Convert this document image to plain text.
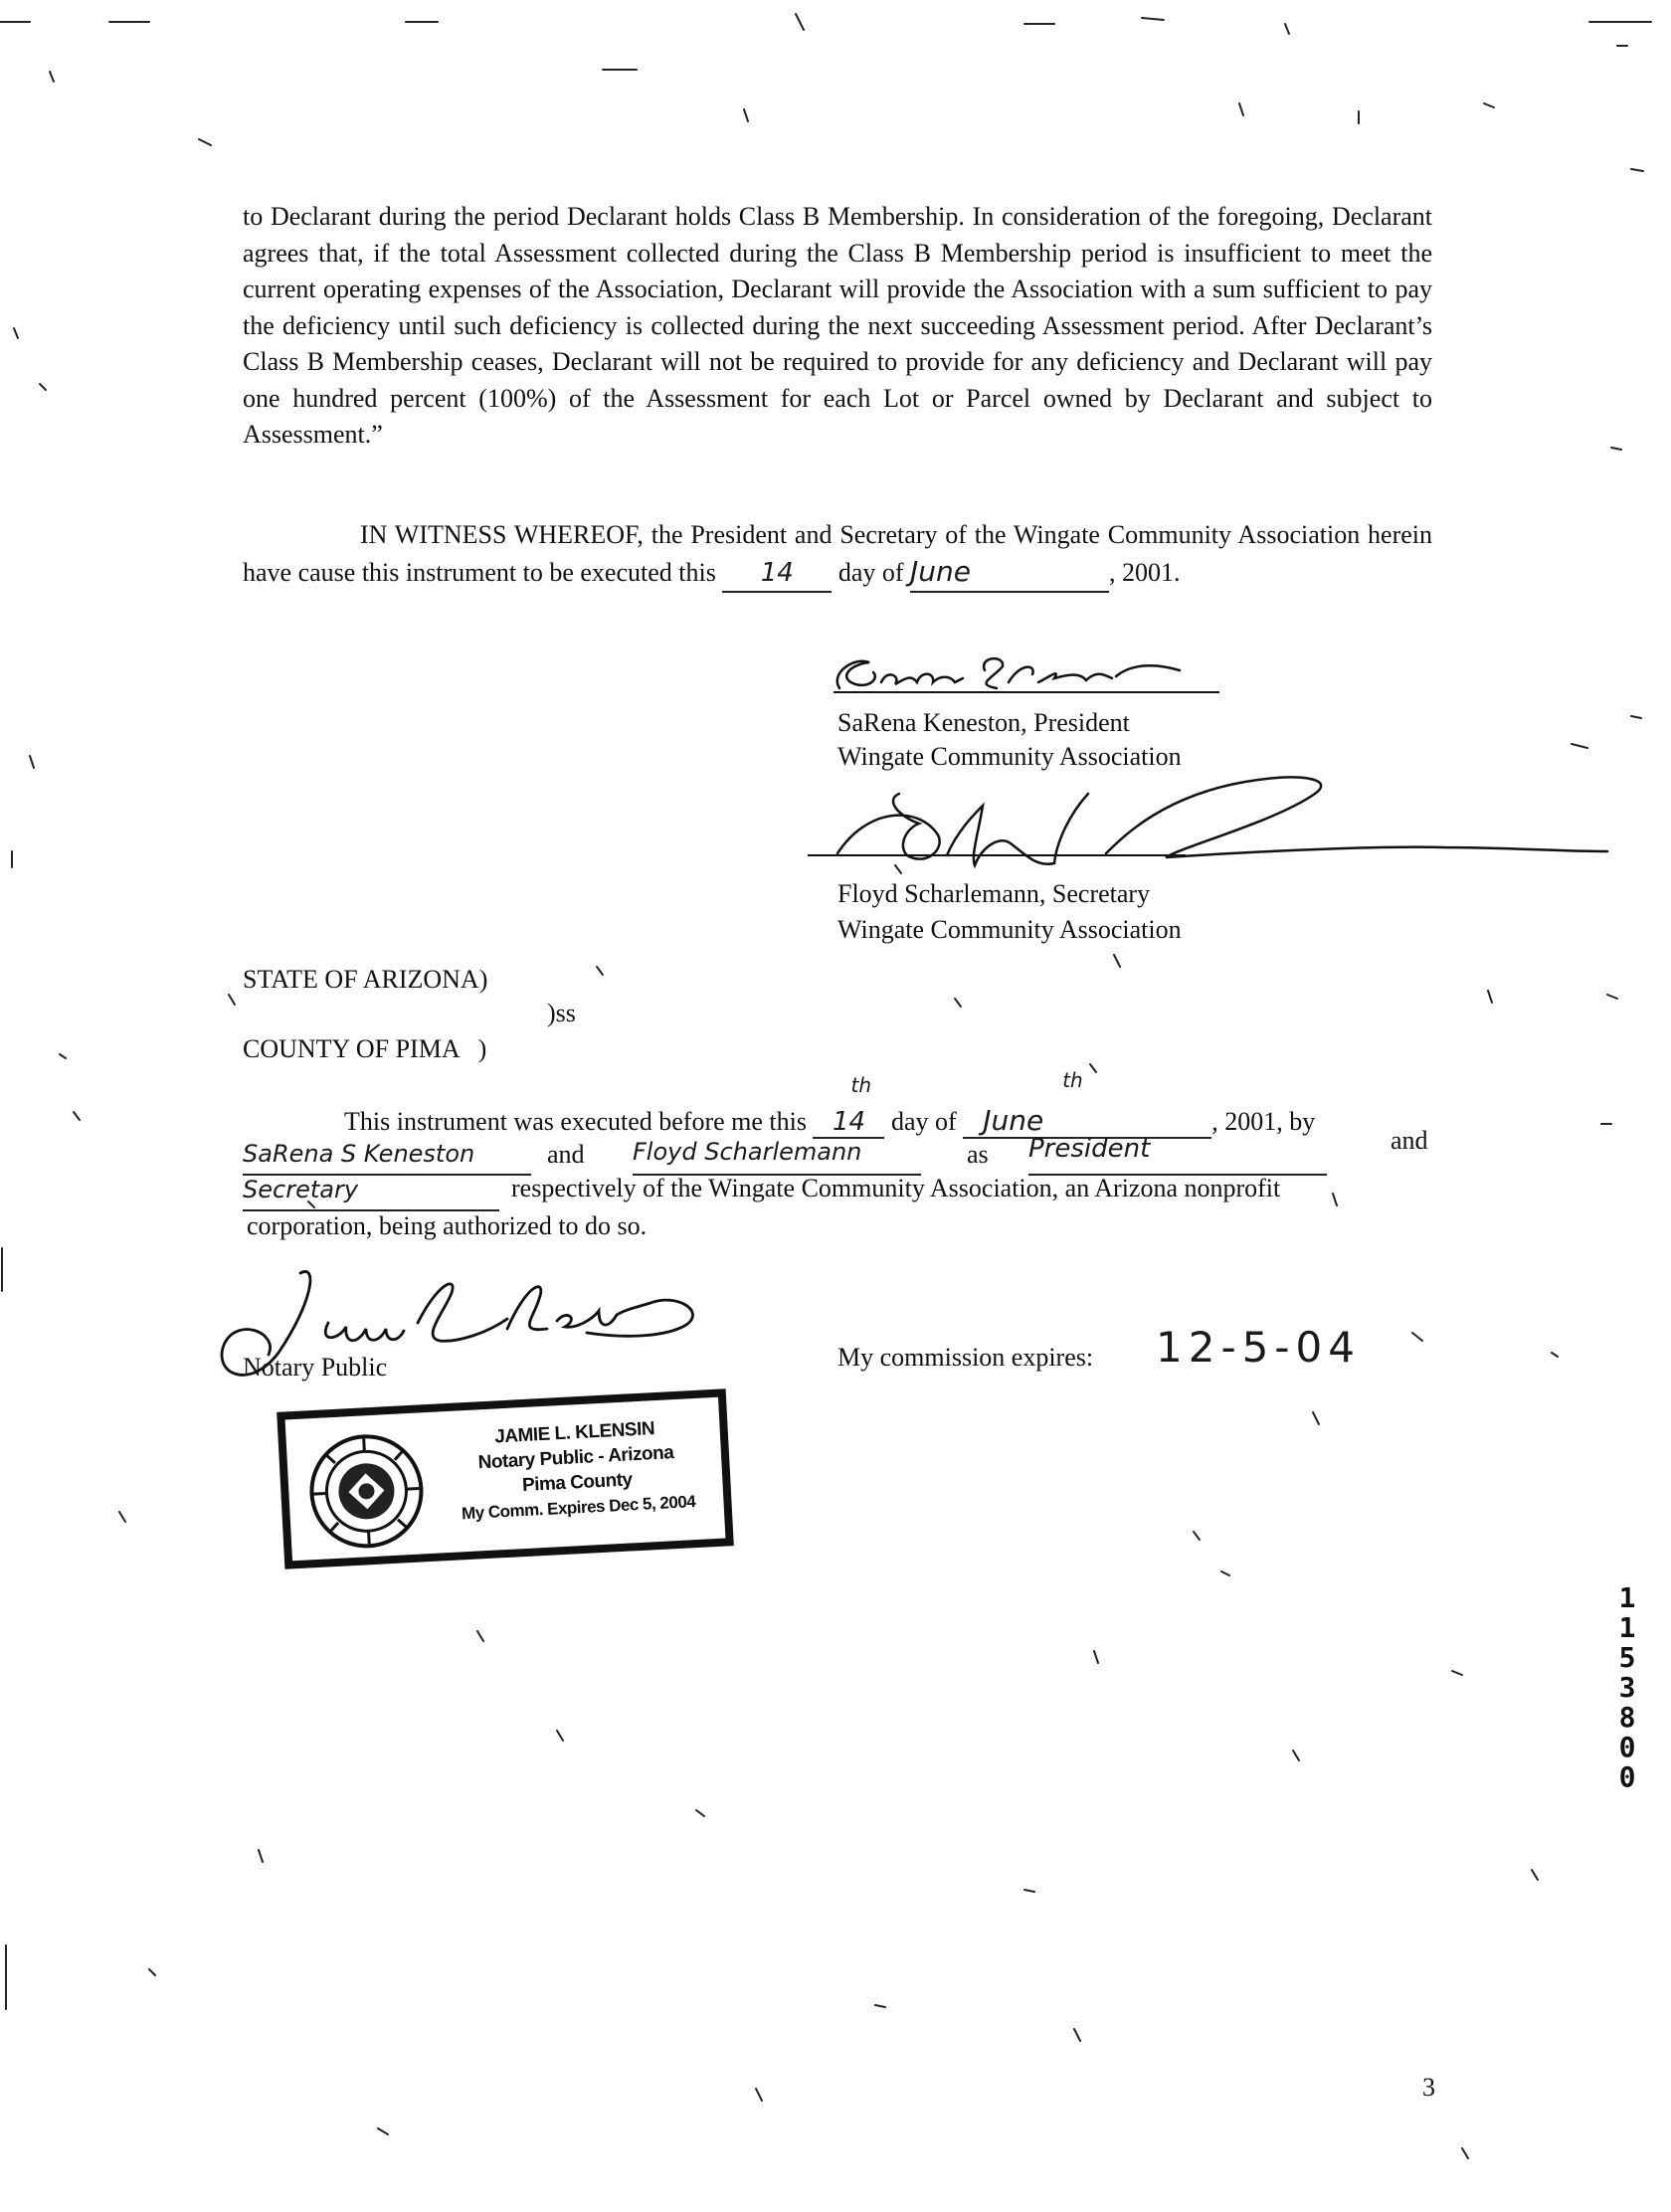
to Declarant during the period Declarant holds Class B Membership. In consideration of the foregoing, Declarant agrees that, if the total Assessment collected during the Class B Membership period is insufficient to meet the current operating expenses of the Association, Declarant will provide the Association with a sum sufficient to pay the deficiency until such deficiency is collected during the next succeeding Assessment period. After Declarant’s Class B Membership ceases, Declarant will not be required to provide for any deficiency and Declarant will pay one hundred percent (100%) of the Assessment for each Lot or Parcel owned by Declarant and subject to Assessment.”

IN WITNESS WHEREOF, the President and Secretary of the Wingate Community Association herein have cause this instrument to be executed this 14 day of June	, 2001.

SaRena Keneston, President
Wingate Community Association
Floyd Scharlemann, Secretary
Wingate Community Association
STATE OF ARIZONA)
)ss
COUNTY OF PIMA   )
This instrument was executed before me this 14
th
day of June
th
, 2001, by
SaRena S Keneston	and Floyd Scharlemann	as President	and
Secretary	respectively of the Wingate Community Association, an Arizona nonprofit
corporation, being authorized to do so.
Notary Public	My commission expires: 12-5-04
JAMIE L. KLENSIN
Notary Public - Arizona
Pima County
My Comm. Expires Dec 5, 2004
1153800
3
